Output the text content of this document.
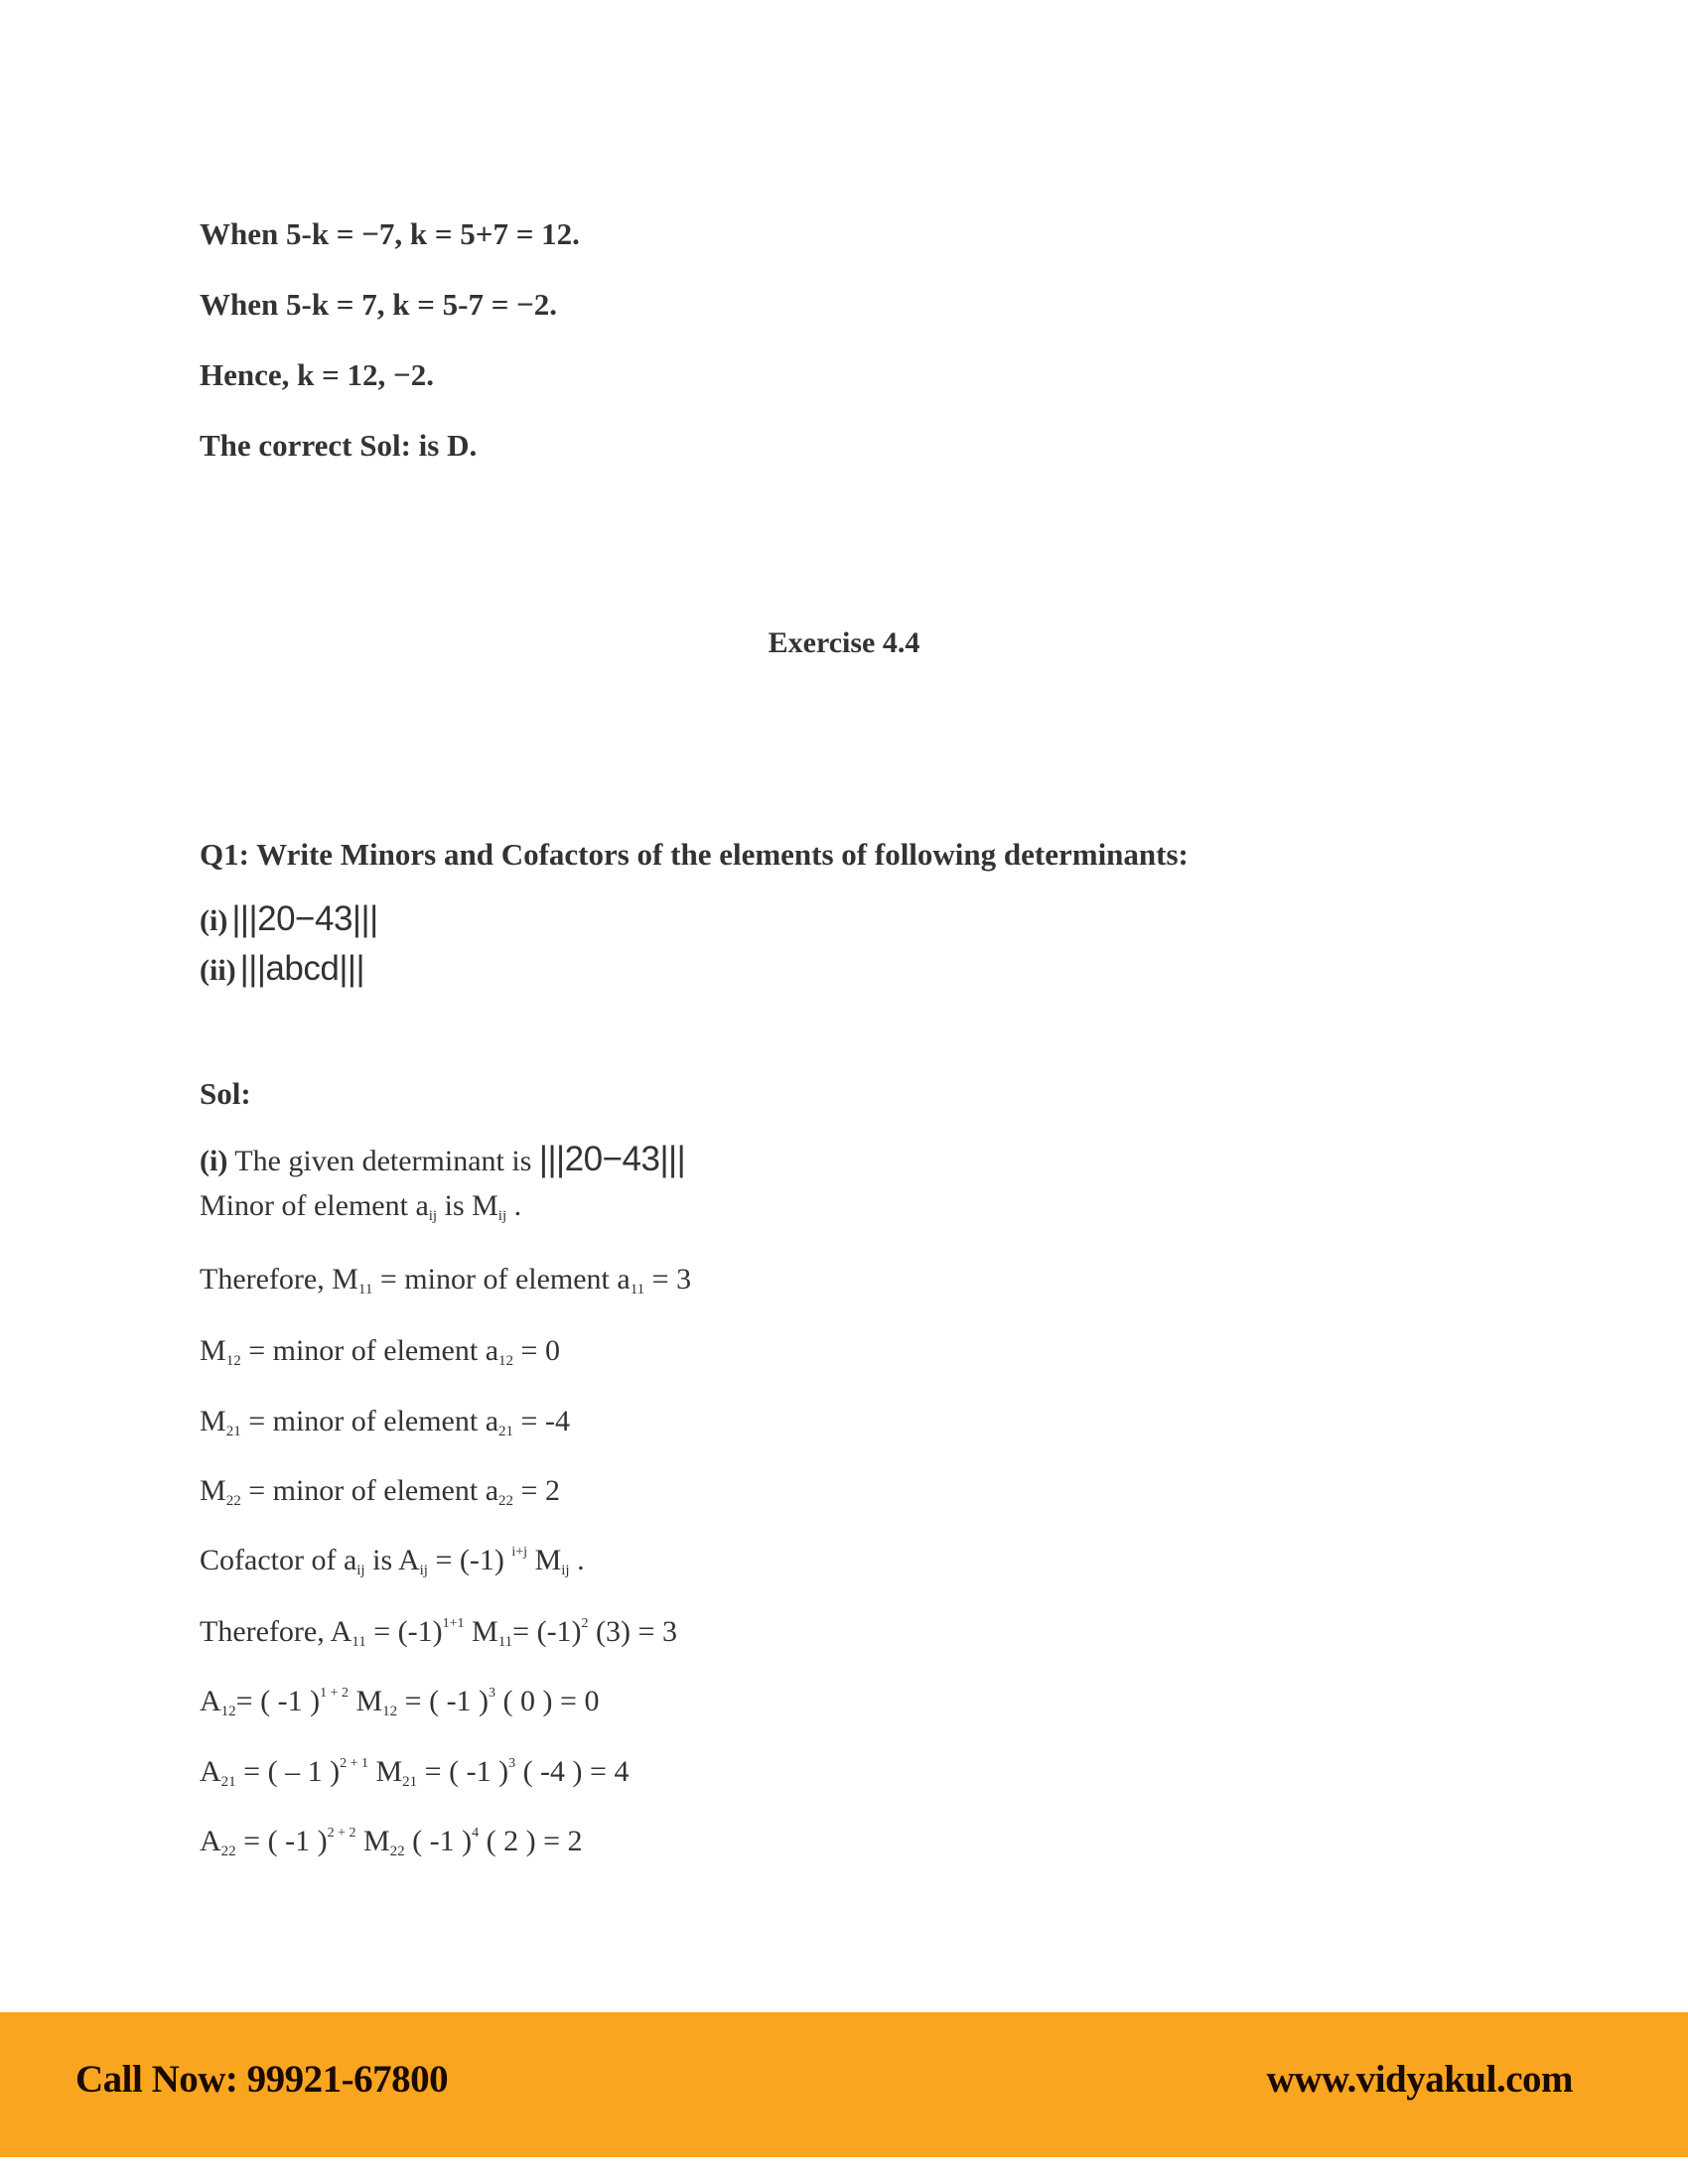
When 5-k = −7, k = 5+7 = 12.
When 5-k = 7, k = 5-7 = −2.
Hence, k = 12, −2.
The correct Sol: is D.
Exercise 4.4
Q1: Write Minors and Cofactors of the elements of following determinants:
(i) |||20−43|||
(ii) |||abcd|||
Sol:
(i) The given determinant is |||20−43|||
Minor of element $a_{ij}$ is $M_{ij}$ .
Therefore, $M_{11}$ = minor of element $a_{11} = 3$
$M_{12}$ = minor of element $a_{12} = 0$
$M_{21}$ = minor of element $a_{21} = -4$
$M_{22}$ = minor of element $a_{22} = 2$
Cofactor of $a_{ij}$ is $A_{ij} = (-1)$ $^{i+j}$ $M_{ij}$ .
Therefore, $A_{11} = (-1)^{1+1}$ $M_{11}= (-1)^2$ (3) = 3
$A_{12}=$ ( -1 )$^{1 + 2}$ $M_{12}$ = ( -1 )$^3$ ( 0 ) = 0
$A_{21}$ = ( – 1 )$^{2 + 1}$ $M_{21}$ = ( -1 )$^3$ ( -4 ) = 4
$A_{22}$ = ( -1 )$^{2 + 2}$ $M_{22}$ ( -1 )$^4$ ( 2 ) = 2
Call Now: 99921-67800	www.vidyakul.com
